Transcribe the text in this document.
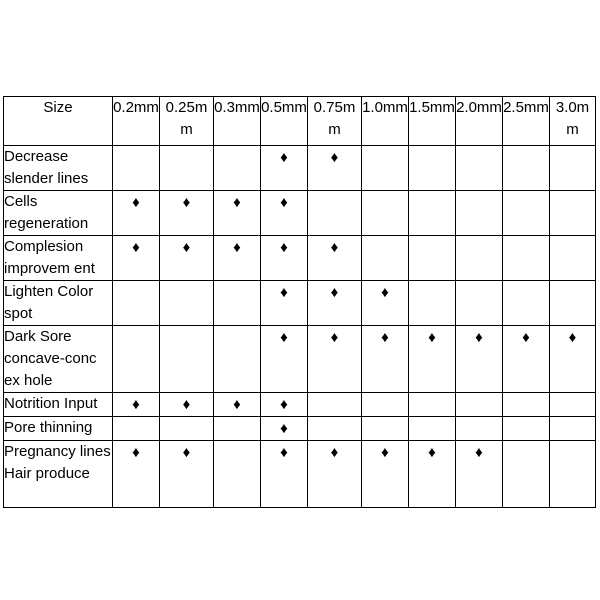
Size	0.2mm	0.25mm	0.3mm	0.5mm	0.75mm	1.0mm	1.5mm	2.0mm	2.5mm	3.0mm
Decrease slender lines				♦	♦					
Cells regeneration	♦	♦	♦	♦						
Complesion improvem ent	♦	♦	♦	♦	♦					
Lighten Color spot				♦	♦	♦				
Dark Sore concave-conc ex hole				♦	♦	♦	♦	♦	♦	♦
Notrition Input	♦	♦	♦	♦						
Pore thinning				♦						
Pregnancy lines Hair produce	♦	♦		♦	♦	♦	♦	♦		
